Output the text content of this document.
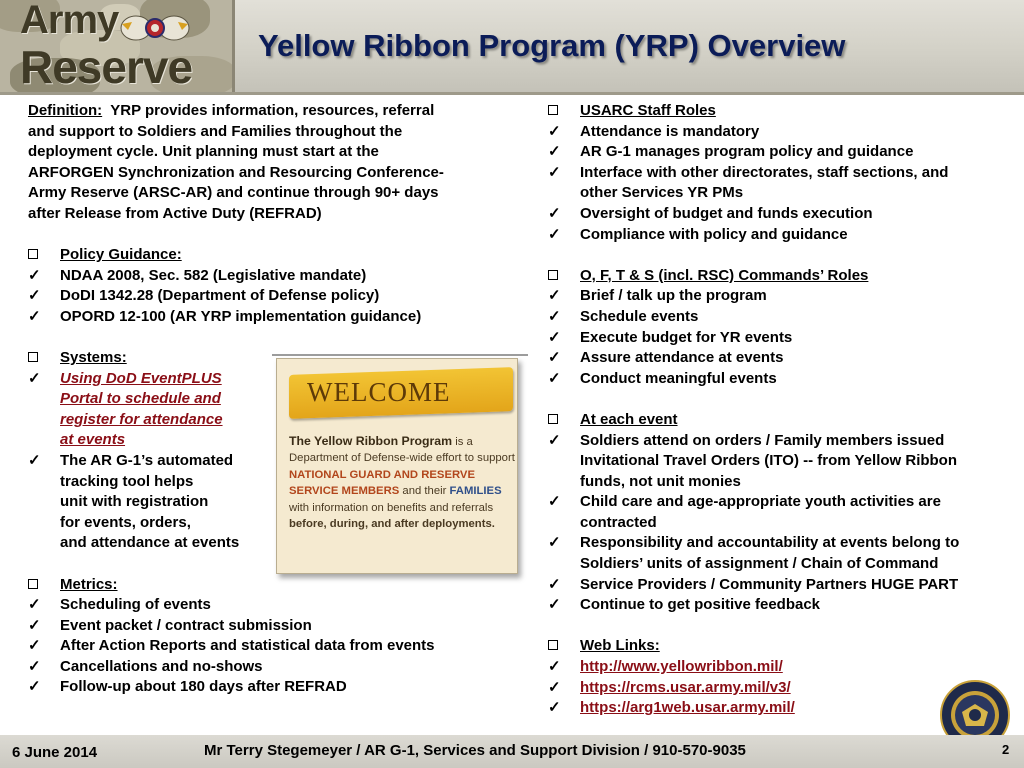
Army
Reserve Yellow Ribbon Program (YRP) Overview
Definition: YRP provides information, resources, referral
and support to Soldiers and Families throughout the
deployment cycle. Unit planning must start at the
ARFORGEN Synchronization and Resourcing Conference-
Army Reserve (ARSC-AR) and continue through 90+ days
after Release from Active Duty (REFRAD)
Policy Guidance:
✓	NDAA 2008, Sec. 582 (Legislative mandate)
✓	DoDI 1342.28 (Department of Defense policy)
✓	OPORD 12-100 (AR YRP implementation guidance)
Systems:
✓	Using DoD EventPLUS
Portal to schedule and
register for attendance
at events
✓	The AR G-1’s automated
tracking tool helps
unit with registration
for events, orders,
and attendance at events
Metrics:
✓	Scheduling of events
✓	Event packet / contract submission
✓	After Action Reports and statistical data from events
✓	Cancellations and no-shows
✓	Follow-up about 180 days after REFRAD
WELCOME
The Yellow Ribbon Program is a Department of Defense-wide effort to support NATIONAL GUARD AND RESERVE SERVICE MEMBERS and their FAMILIES with information on benefits and referrals before, during, and after deployments.
USARC Staff Roles
✓	Attendance is mandatory
✓	AR G-1 manages program policy and guidance
✓	Interface with other directorates, staff sections, and
other Services YR PMs
✓	Oversight of budget and funds execution
✓	Compliance with policy and guidance
O, F, T & S (incl. RSC) Commands’ Roles
✓	Brief / talk up the program
✓	Schedule events
✓	Execute budget for YR events
✓	Assure attendance at events
✓	Conduct meaningful events
At each event
✓	Soldiers attend on orders / Family members issued
Invitational Travel Orders (ITO) -- from Yellow Ribbon
funds, not unit monies
✓	Child care and age-appropriate youth activities are
contracted
✓	Responsibility and accountability at events belong to
Soldiers’ units of assignment / Chain of Command
✓	Service Providers / Community Partners HUGE PART
✓	Continue to get positive feedback
Web Links:
✓	http://www.yellowribbon.mil/
✓	https://rcms.usar.army.mil/v3/
✓	https://arg1web.usar.army.mil/
6 June 2014	Mr Terry Stegemeyer / AR G-1, Services and Support Division / 910-570-9035	2
